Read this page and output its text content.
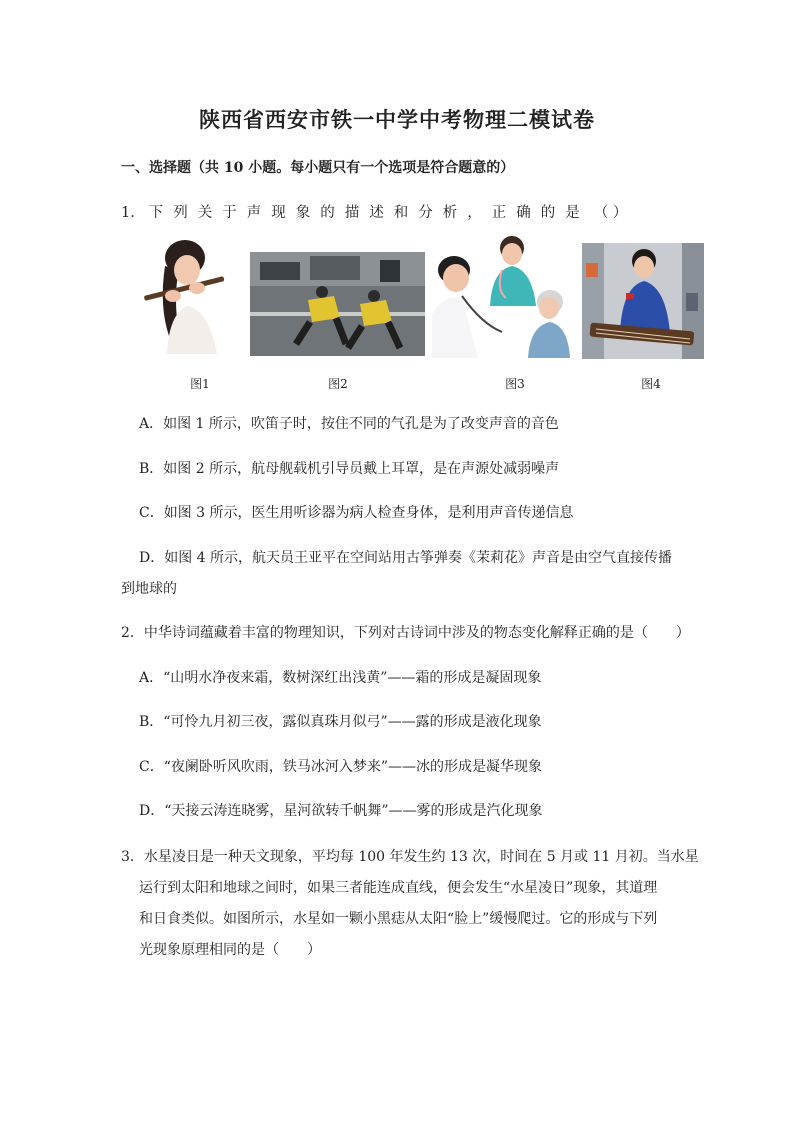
陕西省西安市铁一中学中考物理二模试卷
一、选择题（共 10 小题。每小题只有一个选项是符合题意的）
1． 下列关于声现象的描述和分析，正确的是 （ ）
图1	图2	图3	图4
A．如图 1 所示，吹笛子时，按住不同的气孔是为了改变声音的音色
B．如图 2 所示，航母舰载机引导员戴上耳罩，是在声源处减弱噪声
C．如图 3 所示，医生用听诊器为病人检查身体，是利用声音传递信息
D．如图 4 所示，航天员王亚平在空间站用古筝弹奏《茉莉花》声音是由空气直接传播
到地球的
2．中华诗词蕴藏着丰富的物理知识，下列对古诗词中涉及的物态变化解释正确的是（　　）
A．“山明水净夜来霜，数树深红出浅黄”——霜的形成是凝固现象
B．“可怜九月初三夜，露似真珠月似弓”——露的形成是液化现象
C．“夜阑卧听风吹雨，铁马冰河入梦来”——冰的形成是凝华现象
D．“天接云涛连晓雾，星河欲转千帆舞”——雾的形成是汽化现象
3．水星凌日是一种天文现象，平均每 100 年发生约 13 次，时间在 5 月或 11 月初。当水星
运行到太阳和地球之间时，如果三者能连成直线，便会发生“水星凌日”现象，其道理
和日食类似。如图所示，水星如一颗小黑痣从太阳“脸上”缓慢爬过。它的形成与下列
光现象原理相同的是（　　）
